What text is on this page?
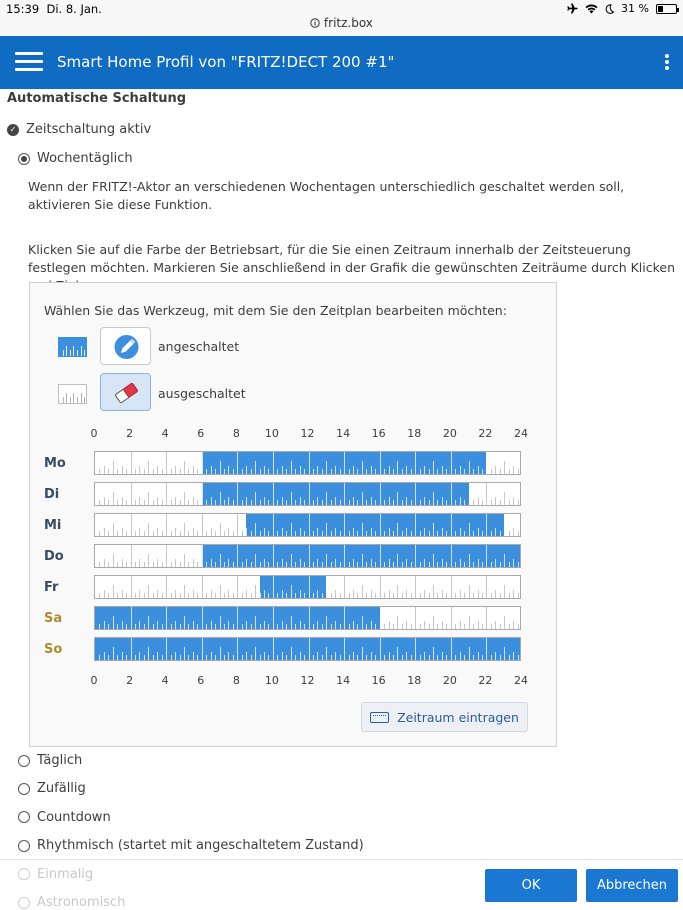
15:39 Di. 8. Jan.
fritz.box
31 %
Smart Home Profil von "FRITZ!DECT 200 #1"
Automatische Schaltung
✓ Zeitschaltung aktiv
Wochentäglich
Wenn der FRITZ!-Aktor an verschiedenen Wochentagen unterschiedlich geschaltet werden soll, aktivieren Sie diese Funktion.
Klicken Sie auf die Farbe der Betriebsart, für die Sie einen Zeitraum innerhalb der Zeitsteuerung festlegen möchten. Markieren Sie anschließend in der Grafik die gewünschten Zeiträume durch Klicken
Wählen Sie das Werkzeug, mit dem Sie den Zeitplan bearbeiten möchten:
angeschaltet
ausgeschaltet
0	2	4	6	8	10	12	14	16	18	20	22	24
Mo
Di
Mi
Do
Fr
Sa
So
0	2	4	6	8	10	12	14	16	18	20	22	24
Zeitraum eintragen
Täglich
Zufällig
Countdown
Rhythmisch (startet mit angeschaltetem Zustand)
Einmalig
Astronomisch
OK	Abbrechen
